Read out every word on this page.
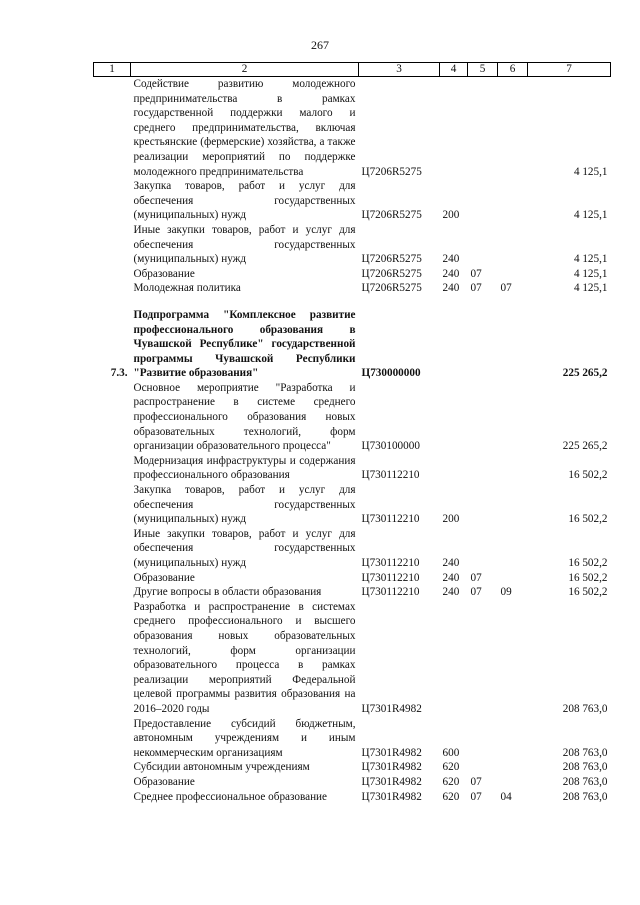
267
1	2	3	4	5	6	7
	Содействие развитию молодежного предпринимательства в рамках государственной поддержки малого и среднего предпринимательства, включая крестьянские (фермерские) хозяйства, а также реализации мероприятий по поддержке молодежного предпринимательства	Ц7206R5275				4 125,1
	Закупка товаров, работ и услуг для обеспечения государственных (муниципальных) нужд	Ц7206R5275	200			4 125,1
	Иные закупки товаров, работ и услуг для обеспечения государственных (муниципальных) нужд	Ц7206R5275	240			4 125,1
	Образование	Ц7206R5275	240	07		4 125,1
	Молодежная политика	Ц7206R5275	240	07	07	4 125,1

7.3.	Подпрограмма "Комплексное развитие профессионального образования в Чувашской Республике" государственной программы Чувашской Республики "Развитие образования"	Ц730000000				225 265,2
	Основное мероприятие "Разработка и распространение в системе среднего профессионального образования новых образовательных технологий, форм организации образовательного процесса"	Ц730100000				225 265,2
	Модернизация инфраструктуры и содержания профессионального образования	Ц730112210				16 502,2
	Закупка товаров, работ и услуг для обеспечения государственных (муниципальных) нужд	Ц730112210	200			16 502,2
	Иные закупки товаров, работ и услуг для обеспечения государственных (муниципальных) нужд	Ц730112210	240			16 502,2
	Образование	Ц730112210	240	07		16 502,2
	Другие вопросы в области образования	Ц730112210	240	07	09	16 502,2
	Разработка и распространение в системах среднего профессионального и высшего образования новых образовательных технологий, форм организации образовательного процесса в рамках реализации мероприятий Федеральной целевой программы развития образования на 2016–2020 годы	Ц7301R4982				208 763,0
	Предоставление субсидий бюджетным, автономным учреждениям и иным некоммерческим организациям	Ц7301R4982	600			208 763,0
	Субсидии автономным учреждениям	Ц7301R4982	620			208 763,0
	Образование	Ц7301R4982	620	07		208 763,0
	Среднее профессиональное образование	Ц7301R4982	620	07	04	208 763,0
